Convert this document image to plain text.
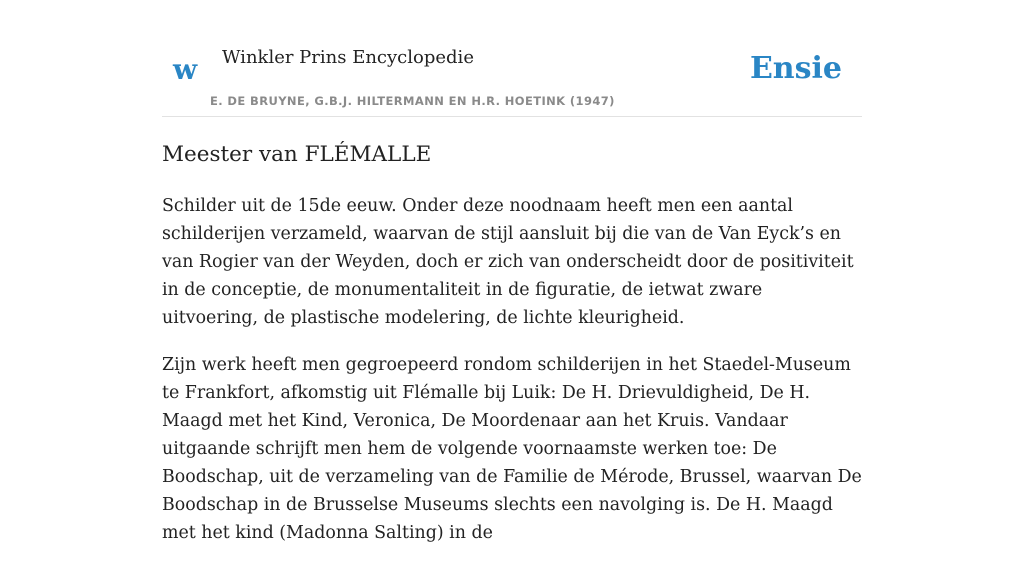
w Winkler Prins Encyclopedie
E. DE BRUYNE, G.B.J. HILTERMANN EN H.R. HOETINK (1947)
Ensie
Meester van FLÉMALLE

Schilder uit de 15de eeuw. Onder deze noodnaam heeft men een aantal schilderijen verzameld, waarvan de stijl aansluit bij die van de Van Eyck’s en van Rogier van der Weyden, doch er zich van onderscheidt door de positiviteit in de conceptie, de monumentaliteit in de figuratie, de ietwat zware uitvoering, de plastische modelering, de lichte kleurigheid.

Zijn werk heeft men gegroepeerd rondom schilderijen in het Staedel-Museum te Frankfort, afkomstig uit Flémalle bij Luik: De H. Drievuldigheid, De H. Maagd met het Kind, Veronica, De Moordenaar aan het Kruis. Vandaar uitgaande schrijft men hem de volgende voornaamste werken toe: De Boodschap, uit de verzameling van de Familie de Mérode, Brussel, waarvan De Boodschap in de Brusselse Museums slechts een navolging is. De H. Maagd met het kind (Madonna Salting) in de
